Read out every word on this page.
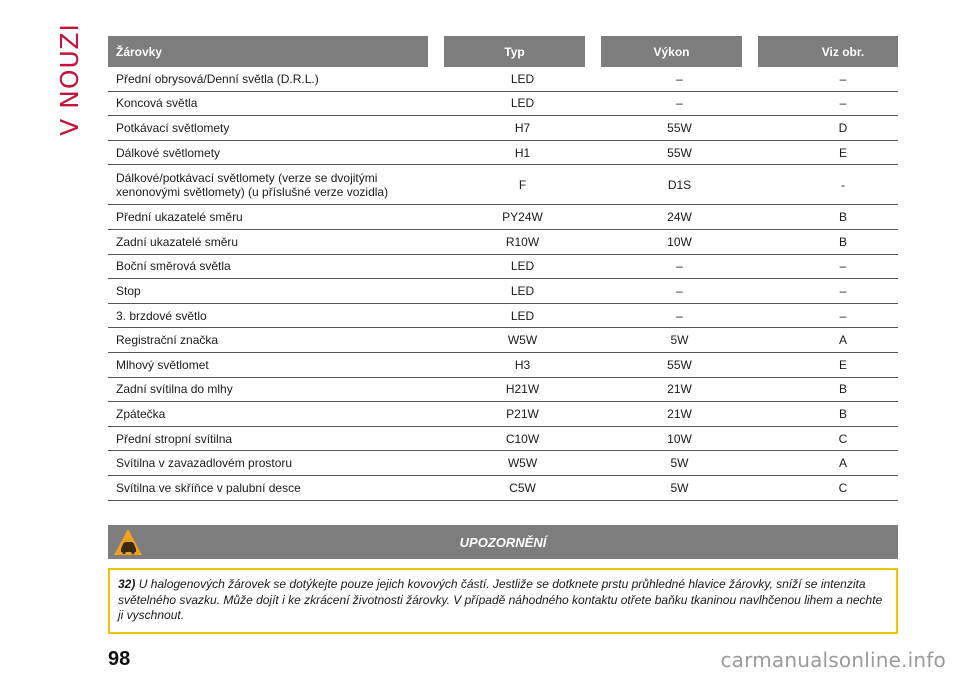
V NOUZI	Žárovky	Typ	Výkon	Viz obr.
Přední obrysová/Denní světla (D.R.L.)	LED	–	–
Koncová světla	LED	–	–
Potkávací světlomety	H7	55W	D
Dálkové světlomety	H1	55W	E
Dálkové/potkávací světlomety (verze se dvojitými xenonovými světlomety) (u příslušné verze vozidla)	F	D1S	-
Přední ukazatelé směru	PY24W	24W	B
Zadní ukazatelé směru	R10W	10W	B
Boční směrová světla	LED	–	–
Stop	LED	–	–
3. brzdové světlo	LED	–	–
Registrační značka	W5W	5W	A
Mlhový světlomet	H3	55W	E
Zadní svítilna do mlhy	H21W	21W	B
Zpátečka	P21W	21W	B
Přední stropní svítilna	C10W	10W	C
Svítilna v zavazadlovém prostoru	W5W	5W	A
Svítilna ve skříňce v palubní desce	C5W	5W	C
UPOZORNĚNÍ
32) U halogenových žárovek se dotýkejte pouze jejich kovových částí. Jestliže se dotknete prstu průhledné hlavice žárovky, sníží se intenzita světelného svazku. Může dojít i ke zkrácení životnosti žárovky. V případě náhodného kontaktu otřete baňku tkaninou navlhčenou lihem a nechte ji vyschnout.
98	carmanualsonline.info
